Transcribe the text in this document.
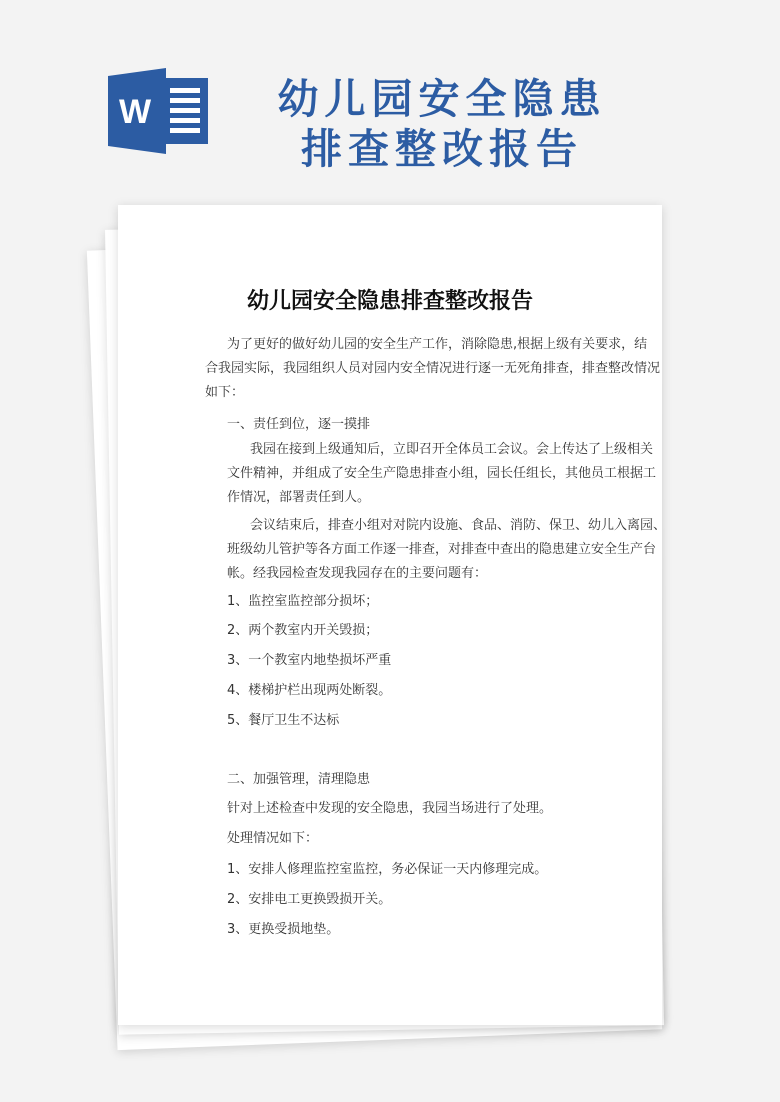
W	幼儿园安全隐患
排查整改报告
幼儿园安全隐患排查整改报告
为了更好的做好幼儿园的安全生产工作，消除隐患,根据上级有关要求，结
合我园实际，我园组织人员对园内安全情况进行逐一无死角排查，排查整改情况
如下：
一、责任到位，逐一摸排
我园在接到上级通知后，立即召开全体员工会议。会上传达了上级相关
文件精神，并组成了安全生产隐患排查小组，园长任组长，其他员工根据工
作情况，部署责任到人。
会议结束后，排查小组对对院内设施、食品、消防、保卫、幼儿入离园、
班级幼儿管护等各方面工作逐一排查，对排查中查出的隐患建立安全生产台
帐。经我园检查发现我园存在的主要问题有：
1、监控室监控部分损坏；
2、两个教室内开关毁损；
3、一个教室内地垫损坏严重
4、楼梯护栏出现两处断裂。
5、餐厅卫生不达标
二、加强管理，清理隐患
针对上述检查中发现的安全隐患，我园当场进行了处理。
处理情况如下：
1、安排人修理监控室监控，务必保证一天内修理完成。
2、安排电工更换毁损开关。
3、更换受损地垫。
